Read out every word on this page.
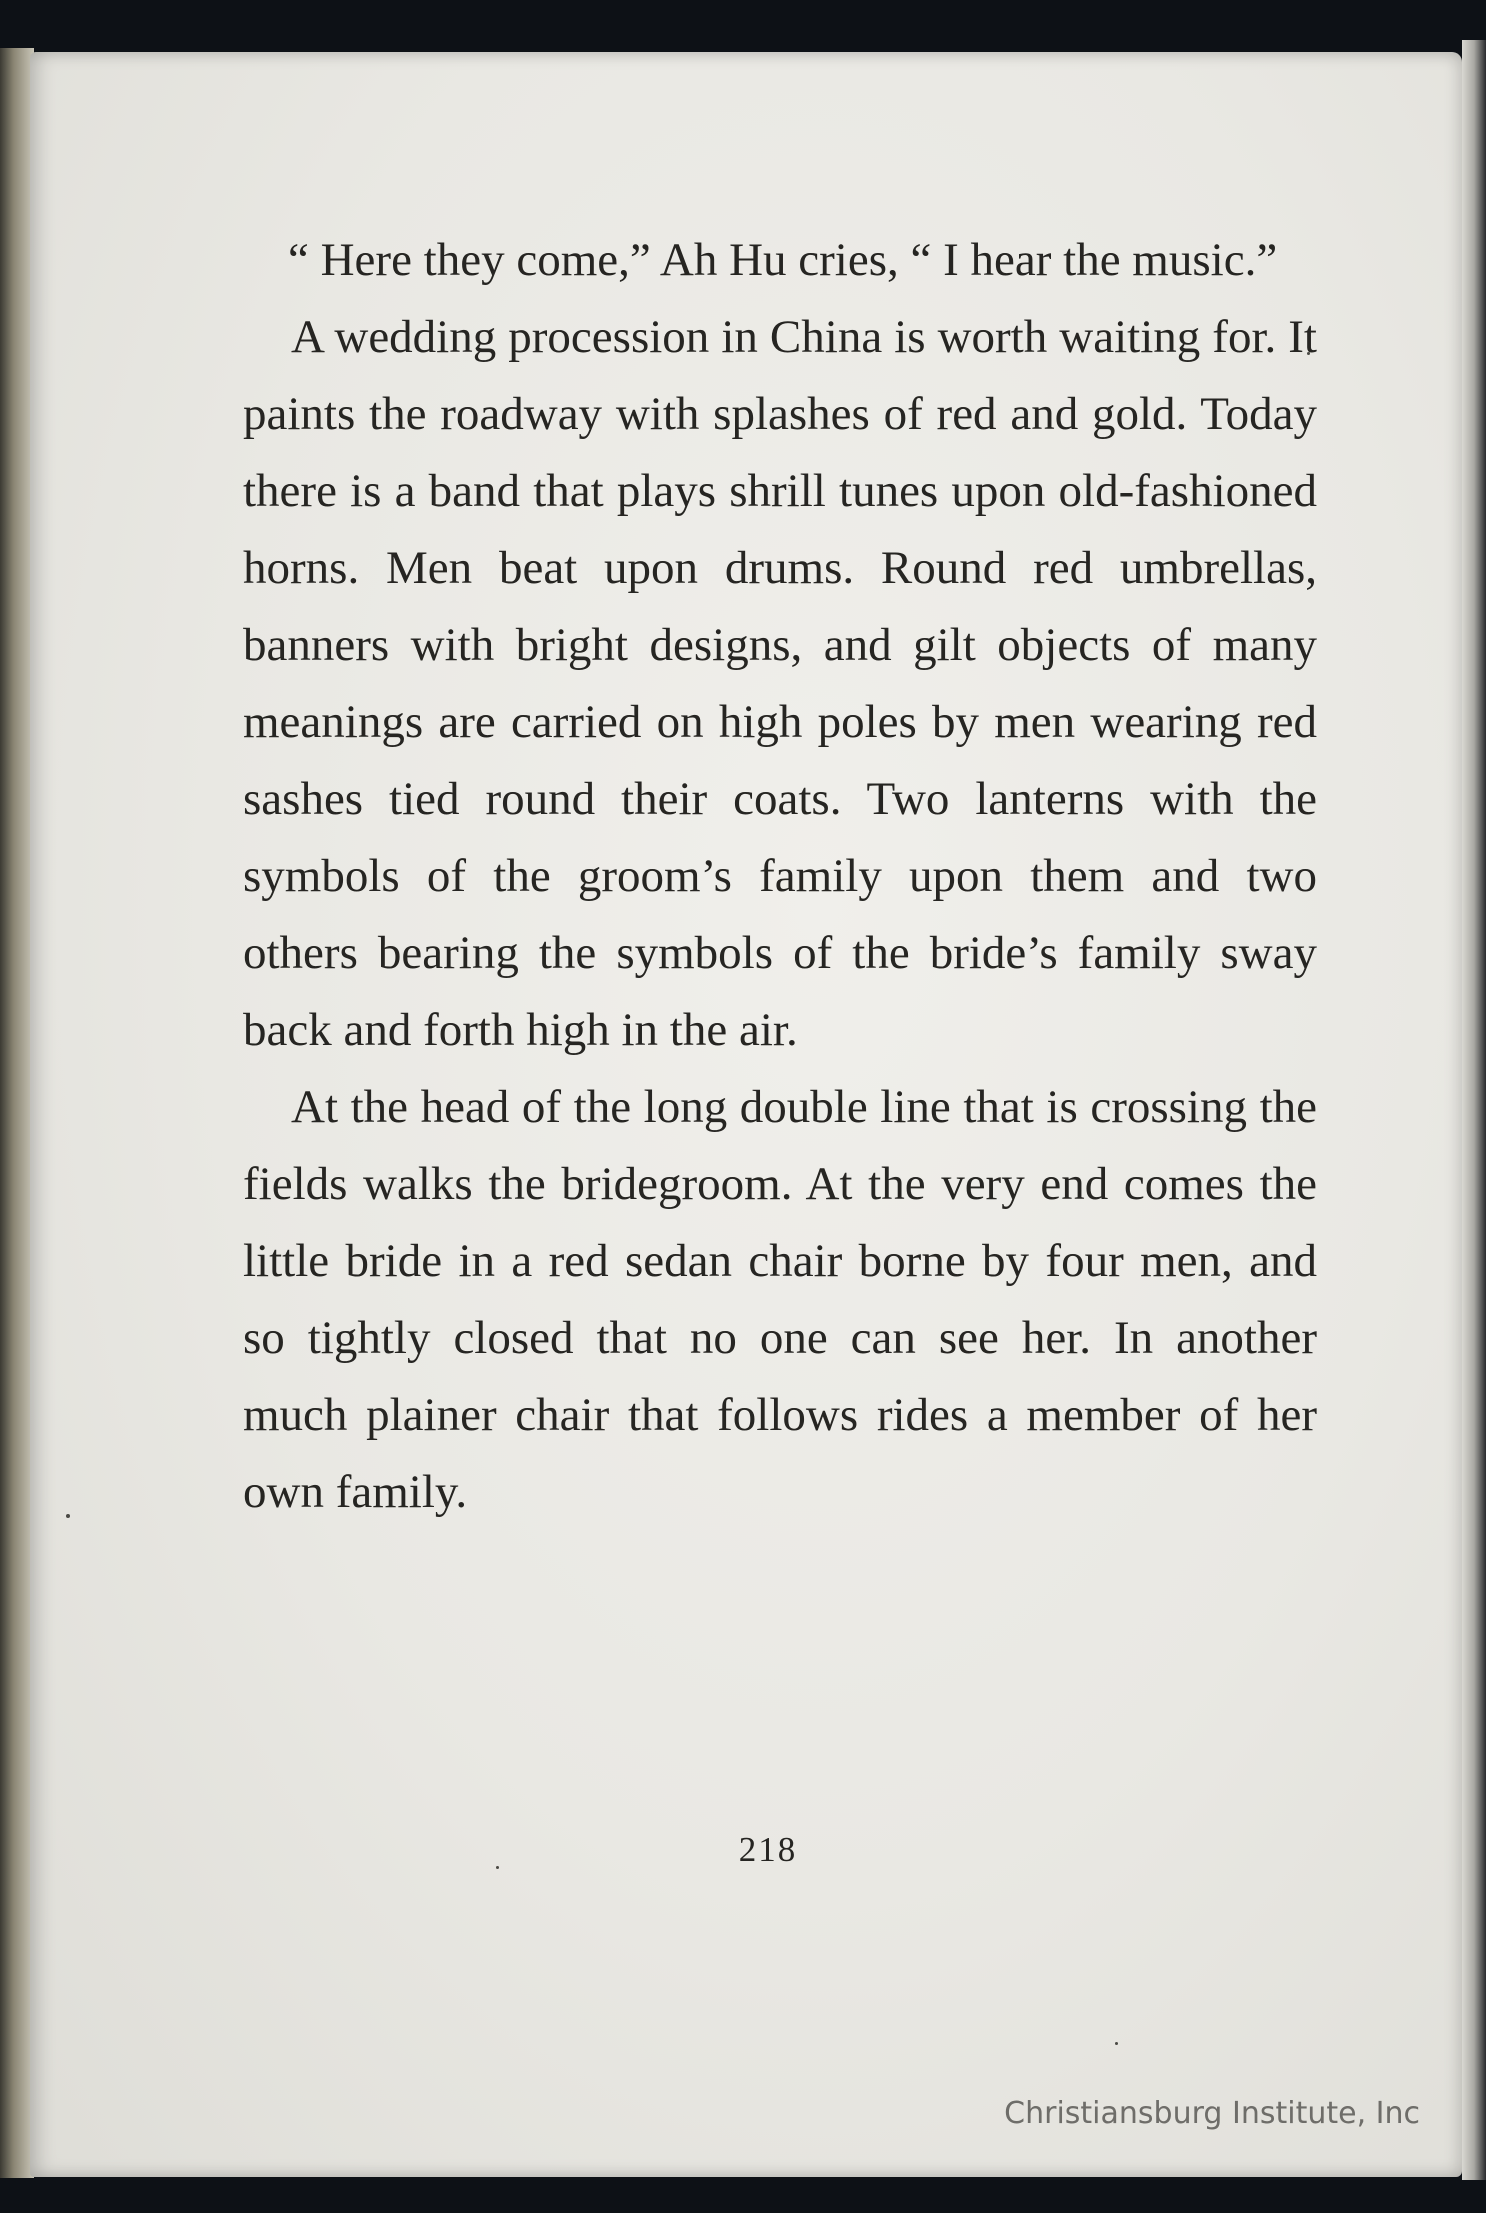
“ Here they come,” Ah Hu cries, “ I hear the music.”

A wedding procession in China is worth waiting for. It paints the roadway with splashes of red and gold. Today there is a band that plays shrill tunes upon old-fashioned horns. Men beat upon drums. Round red umbrellas, banners with bright designs, and gilt objects of many meanings are carried on high poles by men wearing red sashes tied round their coats. Two lanterns with the symbols of the groom’s family upon them and two others bearing the symbols of the bride’s family sway back and forth high in the air.

At the head of the long double line that is crossing the fields walks the bridegroom. At the very end comes the little bride in a red sedan chair borne by four men, and so tightly closed that no one can see her. In another much plainer chair that follows rides a member of her own family.

218
Christiansburg Institute, Inc
